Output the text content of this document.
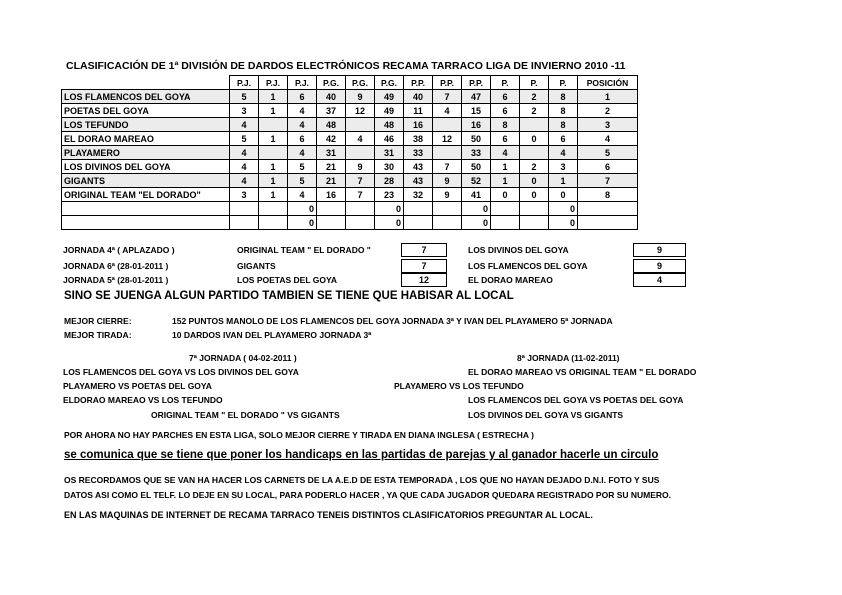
CLASIFICACIÓN DE 1ª DIVISIÓN DE DARDOS ELECTRÓNICOS RECAMA TARRACO LIGA DE INVIERNO 2010 -11
	P.J.	P.J.	P.J.	P.G.	P.G.	P.G.	P.P.	P.P.	P.P.	P.	P.	P.	POSICIÓN
LOS FLAMENCOS DEL GOYA	5	1	6	40	9	49	40	7	47	6	2	8	1
POETAS DEL GOYA	3	1	4	37	12	49	11	4	15	6	2	8	2
LOS TEFUNDO	4		4	48		48	16		16	8		8	3
EL DORAO MAREAO	5	1	6	42	4	46	38	12	50	6	0	6	4
PLAYAMERO	4		4	31		31	33		33	4		4	5
LOS DIVINOS DEL GOYA	4	1	5	21	9	30	43	7	50	1	2	3	6
GIGANTS	4	1	5	21	7	28	43	9	52	1	0	1	7
ORIGINAL TEAM "EL DORADO"	3	1	4	16	7	23	32	9	41	0	0	0	8
			0			0			0			0	
			0			0			0			0	
JORNADA 4ª ( APLAZADO )	ORIGINAL TEAM " EL DORADO "	7	LOS DIVINOS DEL GOYA	9
JORNADA 6ª (28-01-2011 )	GIGANTS	7	LOS FLAMENCOS DEL GOYA	9
JORNADA 5ª (28-01-2011 )	LOS POETAS DEL GOYA	12	EL DORAO MAREAO	4
SINO SE JUENGA ALGUN PARTIDO TAMBIEN SE TIENE QUE HABISAR AL LOCAL
MEJOR CIERRE:	152 PUNTOS MANOLO DE LOS FLAMENCOS DEL GOYA JORNADA 3ª Y IVAN DEL PLAYAMERO 5ª JORNADA
MEJOR TIRADA:	10 DARDOS IVAN DEL PLAYAMERO JORNADA 3ª
7ª JORNADA ( 04-02-2011 )
LOS FLAMENCOS DEL GOYA VS LOS DIVINOS DEL GOYA
PLAYAMERO VS POETAS DEL GOYA
ELDORAO MAREAO VS LOS TEFUNDO
ORIGINAL TEAM " EL DORADO " VS GIGANTS
8ª JORNADA (11-02-2011)
EL DORAO MAREAO VS ORIGINAL TEAM " EL DORADO
PLAYAMERO VS LOS TEFUNDO
LOS FLAMENCOS DEL GOYA VS POETAS DEL GOYA
LOS DIVINOS DEL GOYA VS GIGANTS
POR AHORA NO HAY PARCHES EN ESTA LIGA, SOLO MEJOR CIERRE Y TIRADA EN DIANA INGLESA ( ESTRECHA )
se comunica que se tiene que poner los handicaps en las partidas de parejas y al ganador hacerle un circulo
OS RECORDAMOS QUE SE VAN HA HACER LOS CARNETS DE LA A.E.D DE ESTA TEMPORADA , LOS QUE NO HAYAN DEJADO D.N.I. FOTO Y SUS
DATOS ASI COMO EL TELF. LO DEJE EN SU LOCAL, PARA PODERLO HACER , YA QUE CADA JUGADOR QUEDARA REGISTRADO POR SU NUMERO.
EN LAS MAQUINAS DE INTERNET DE RECAMA TARRACO TENEIS DISTINTOS CLASIFICATORIOS PREGUNTAR AL LOCAL.
